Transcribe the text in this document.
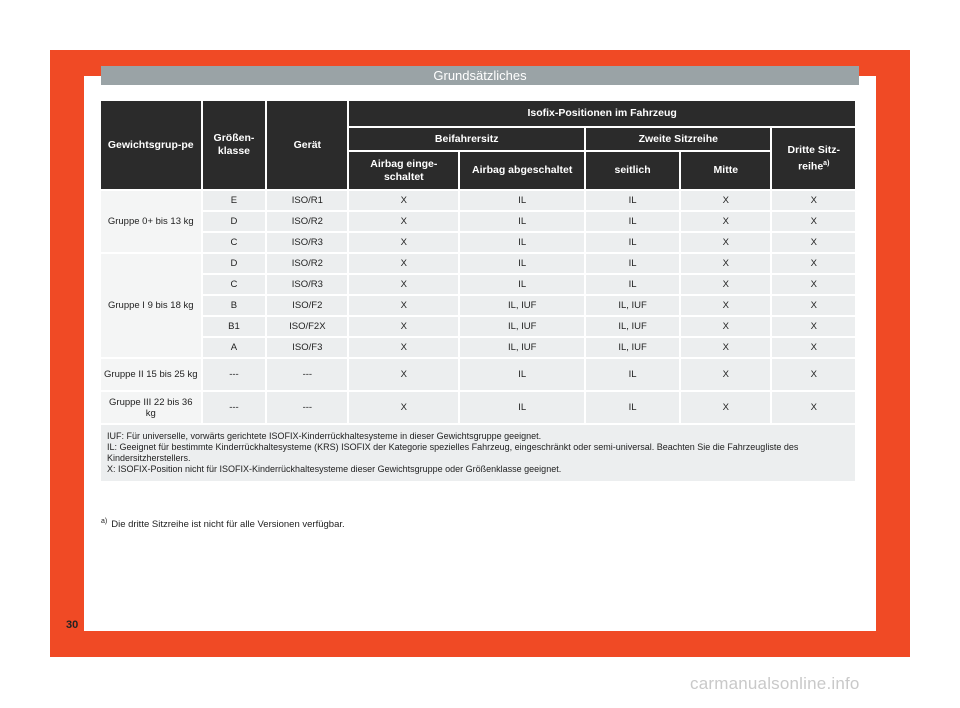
Grundsätzliches
Gewichtsgrup-pe	Größen-klasse	Gerät	Isofix-Positionen im Fahrzeug				
			Beifahrersitz		Zweite Sitzreihe		Dritte Sitz-reihe$^{a)}$
			Airbag einge-schaltet	Airbag abgeschaltet	seitlich	Mitte	
Gruppe 0+ bis 13 kg	E	ISO/R1	X	IL	IL	X	X
	D	ISO/R2	X	IL	IL	X	X
	C	ISO/R3	X	IL	IL	X	X
Gruppe I 9 bis 18 kg	D	ISO/R2	X	IL	IL	X	X
	C	ISO/R3	X	IL	IL	X	X
	B	ISO/F2	X	IL, IUF	IL, IUF	X	X
	B1	ISO/F2X	X	IL, IUF	IL, IUF	X	X
	A	ISO/F3	X	IL, IUF	IL, IUF	X	X
Gruppe II 15 bis 25 kg	---	---	X	IL	IL	X	X
Gruppe III 22 bis 36 kg	---	---	X	IL	IL	X	X

IUF: Für universelle, vorwärts gerichtete ISOFIX-Kinderrückhaltesysteme in dieser Gewichtsgruppe geeignet.
IL: Geeignet für bestimmte Kinderrückhaltesysteme (KRS) ISOFIX der Kategorie spezielles Fahrzeug, eingeschränkt oder semi-universal. Beachten Sie die Fahrzeugliste des Kindersitzherstellers.
X: ISOFIX-Position nicht für ISOFIX-Kinderrückhaltesysteme dieser Gewichtsgruppe oder Größenklasse geeignet.							
$^{a)}$ Die dritte Sitzreihe ist nicht für alle Versionen verfügbar.
30
carmanualsonline.info
